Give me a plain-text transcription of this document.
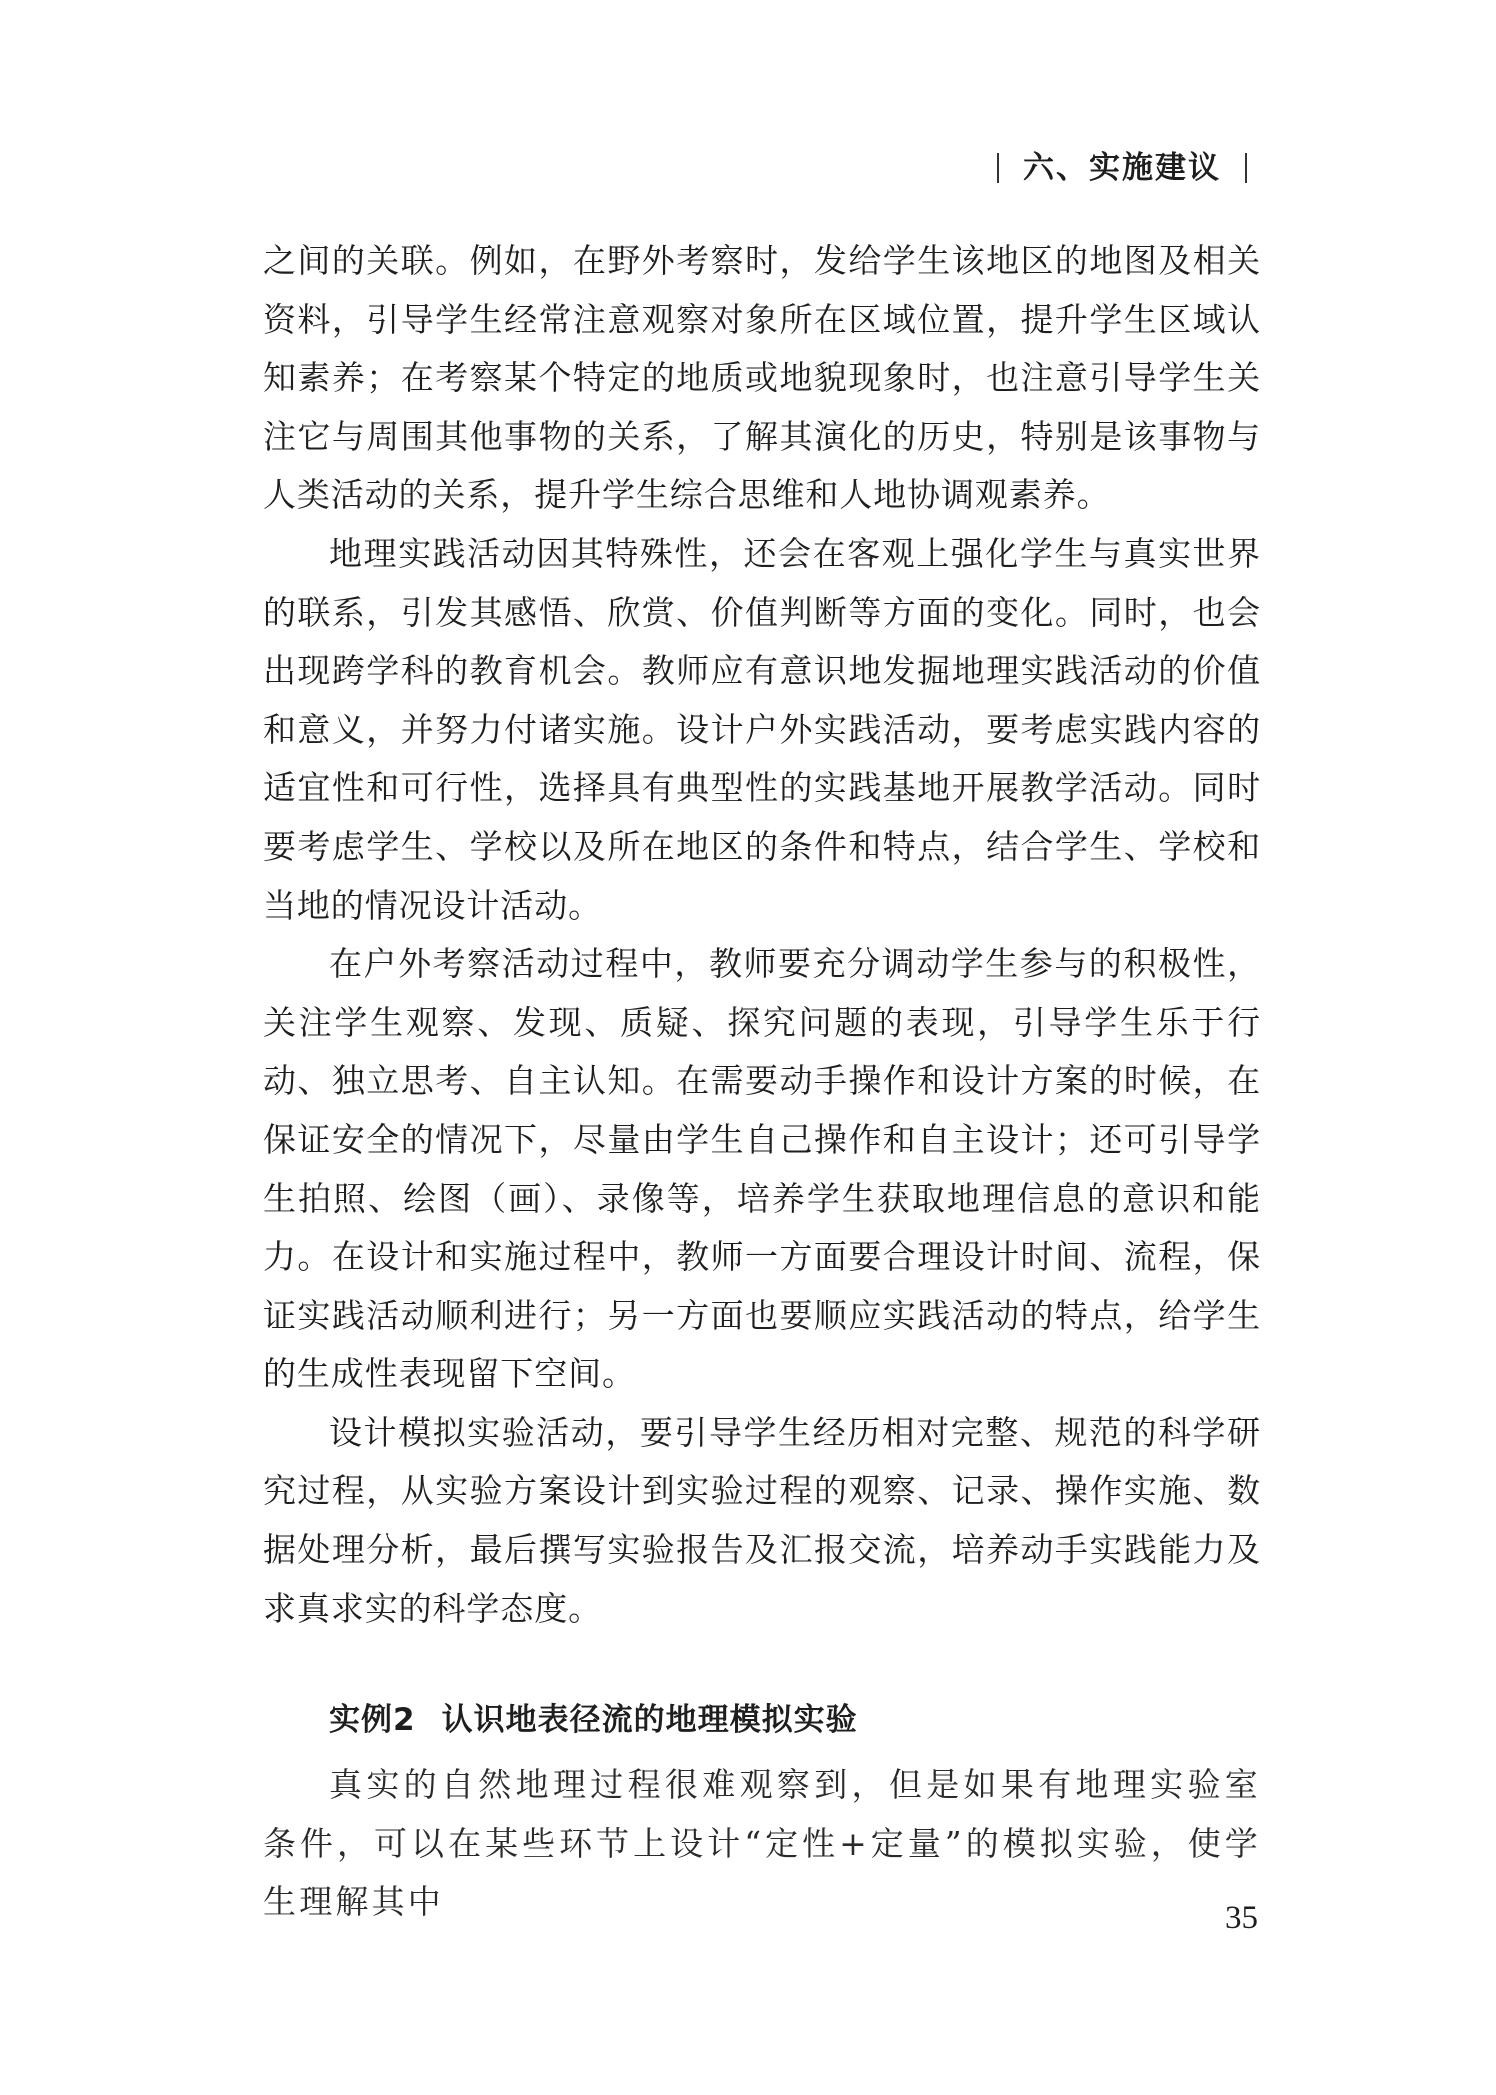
六、实施建议

之间的关联。例如，在野外考察时，发给学生该地区的地图及相关资料，引导学生经常注意观察对象所在区域位置，提升学生区域认知素养；在考察某个特定的地质或地貌现象时，也注意引导学生关注它与周围其他事物的关系，了解其演化的历史，特别是该事物与人类活动的关系，提升学生综合思维和人地协调观素养。

地理实践活动因其特殊性，还会在客观上强化学生与真实世界的联系，引发其感悟、欣赏、价值判断等方面的变化。同时，也会出现跨学科的教育机会。教师应有意识地发掘地理实践活动的价值和意义，并努力付诸实施。设计户外实践活动，要考虑实践内容的适宜性和可行性，选择具有典型性的实践基地开展教学活动。同时要考虑学生、学校以及所在地区的条件和特点，结合学生、学校和当地的情况设计活动。

在户外考察活动过程中，教师要充分调动学生参与的积极性，关注学生观察、发现、质疑、探究问题的表现，引导学生乐于行动、独立思考、自主认知。在需要动手操作和设计方案的时候，在保证安全的情况下，尽量由学生自己操作和自主设计；还可引导学生拍照、绘图（画）、录像等，培养学生获取地理信息的意识和能力。在设计和实施过程中，教师一方面要合理设计时间、流程，保证实践活动顺利进行；另一方面也要顺应实践活动的特点，给学生的生成性表现留下空间。

设计模拟实验活动，要引导学生经历相对完整、规范的科学研究过程，从实验方案设计到实验过程的观察、记录、操作实施、数据处理分析，最后撰写实验报告及汇报交流，培养动手实践能力及求真求实的科学态度。

实例2 认识地表径流的地理模拟实验

真实的自然地理过程很难观察到，但是如果有地理实验室条件，可以在某些环节上设计“定性+定量”的模拟实验，使学生理解其中	35
